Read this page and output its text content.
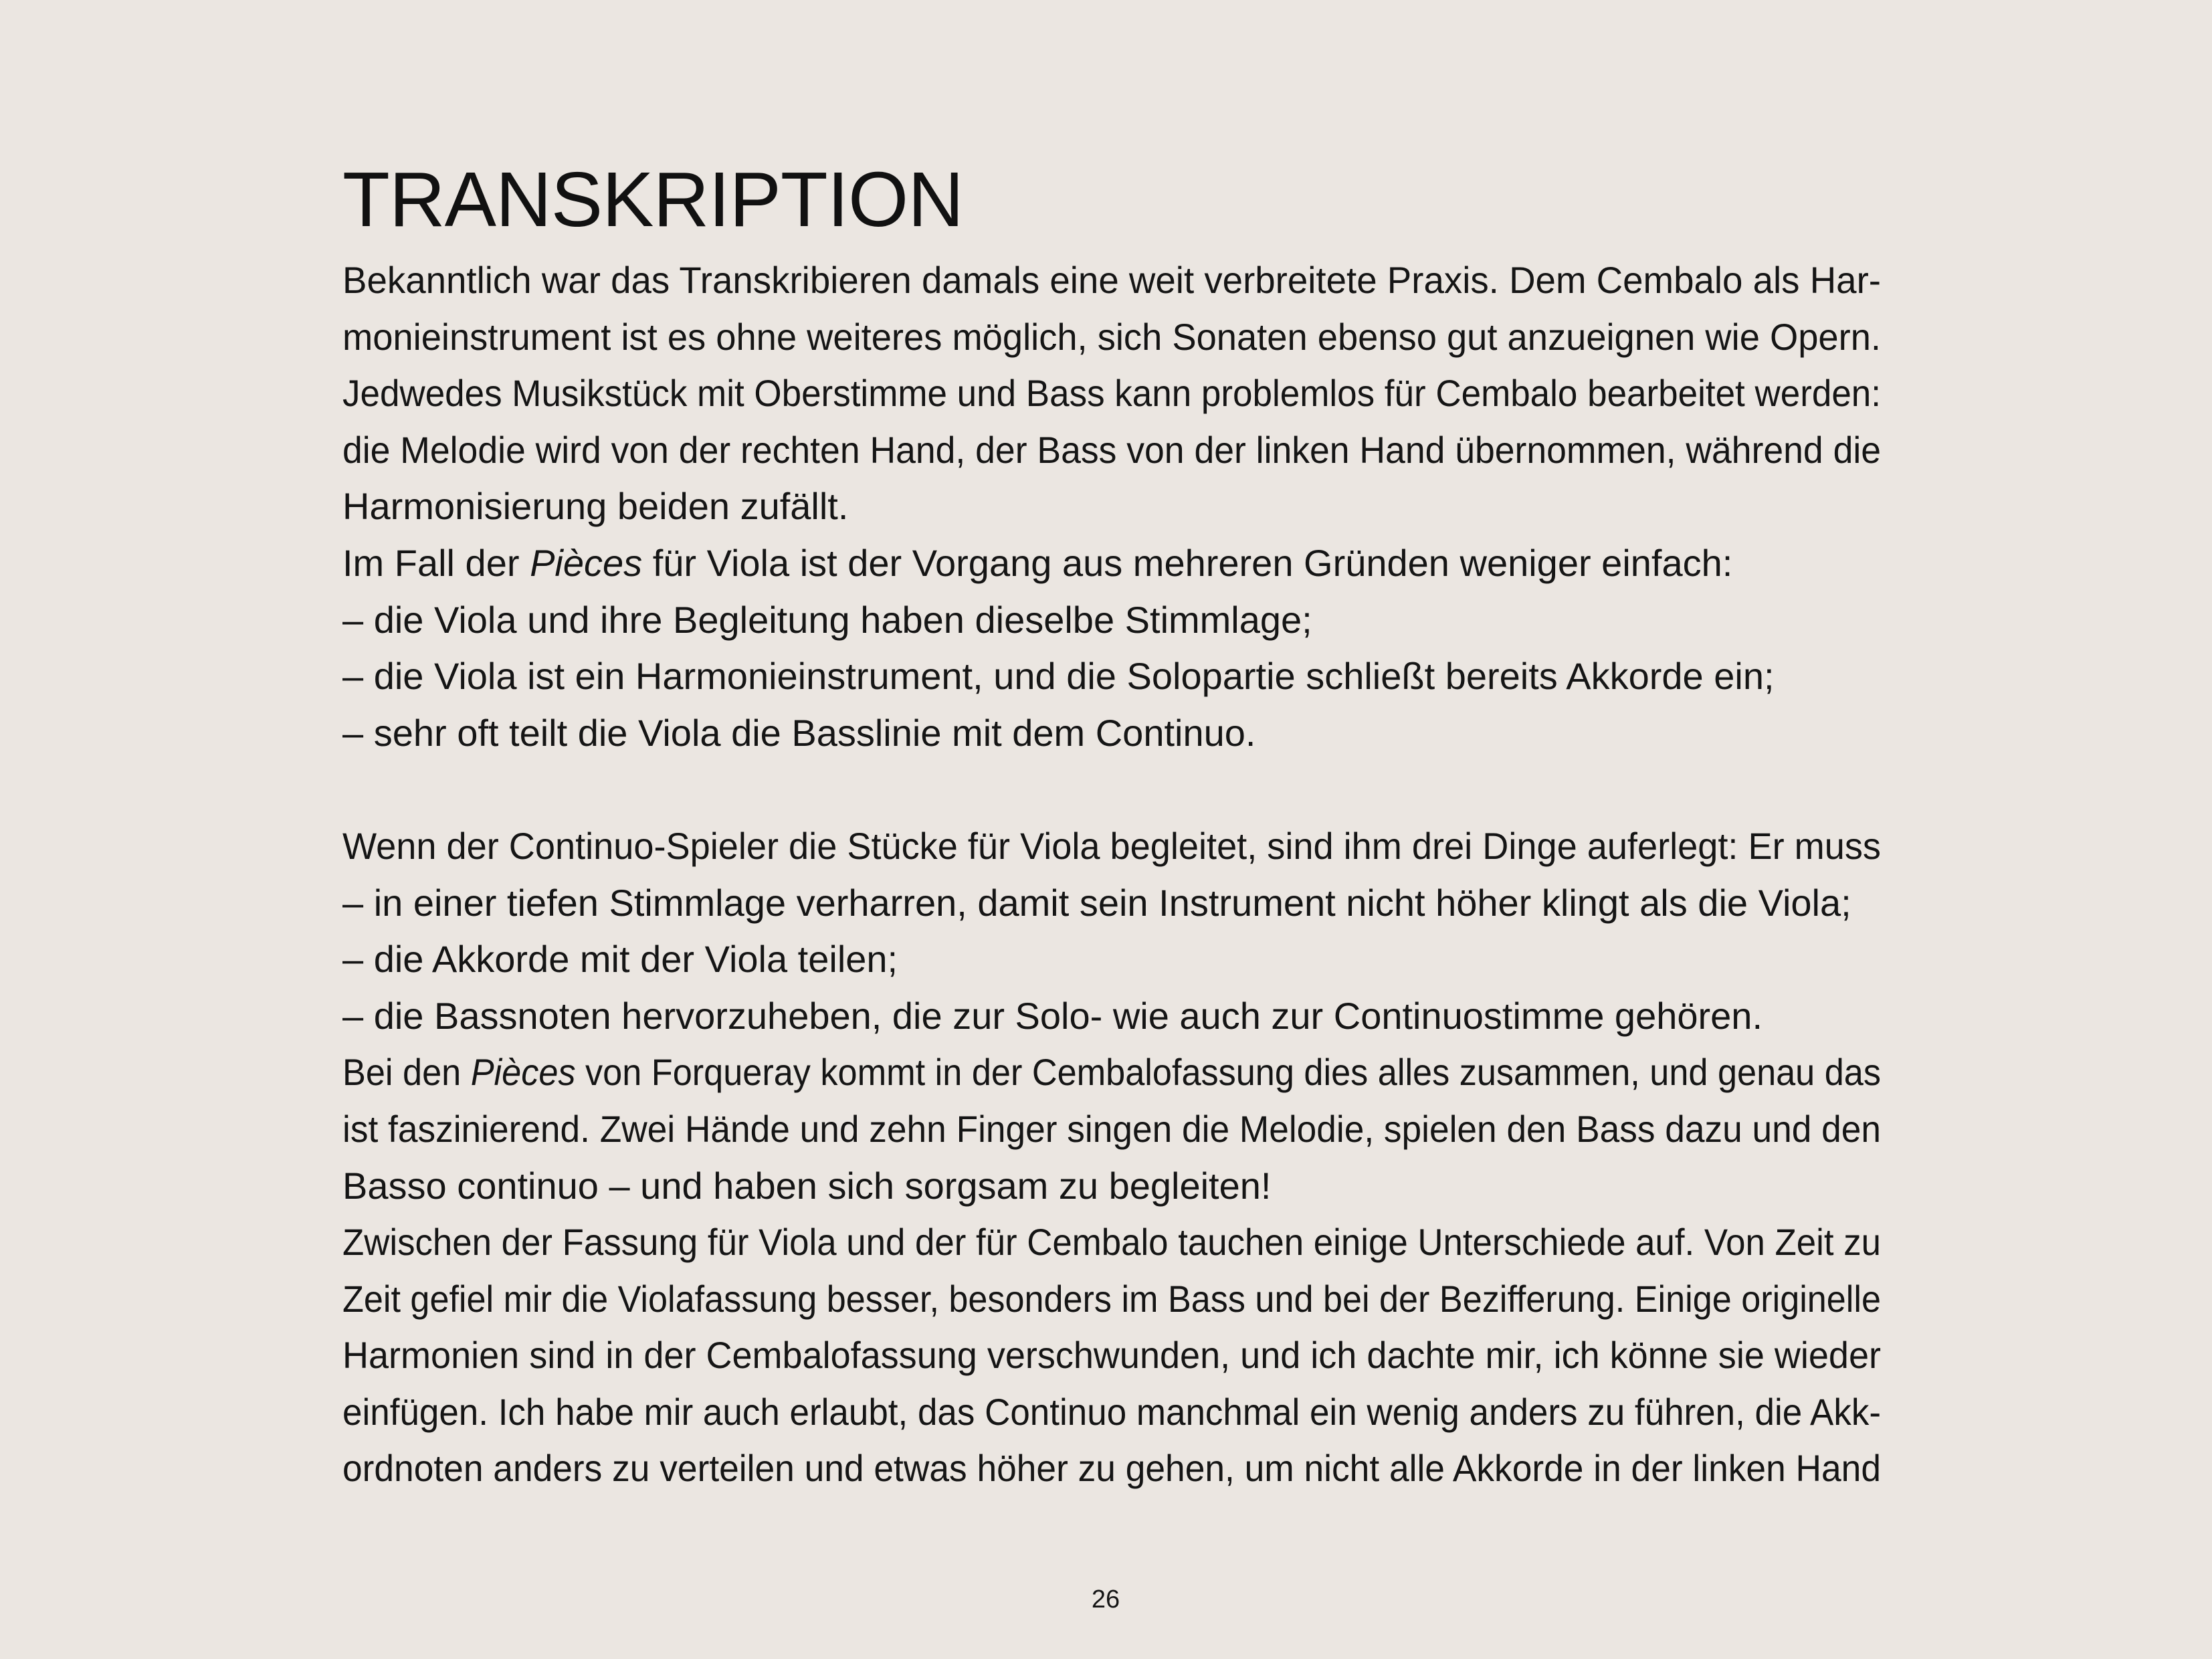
TRANSKRIPTION
Bekanntlich war das Transkribieren damals eine weit verbreitete Praxis. Dem Cembalo als Har-
monieinstrument ist es ohne weiteres möglich, sich Sonaten ebenso gut anzueignen wie Opern.
Jedwedes Musikstück mit Oberstimme und Bass kann problemlos für Cembalo bearbeitet werden:
die Melodie wird von der rechten Hand, der Bass von der linken Hand übernommen, während die
Harmonisierung beiden zufällt.
Im Fall der Pièces für Viola ist der Vorgang aus mehreren Gründen weniger einfach:
– die Viola und ihre Begleitung haben dieselbe Stimmlage;
– die Viola ist ein Harmonieinstrument, und die Solopartie schließt bereits Akkorde ein;
– sehr oft teilt die Viola die Basslinie mit dem Continuo.
Wenn der Continuo-Spieler die Stücke für Viola begleitet, sind ihm drei Dinge auferlegt: Er muss
– in einer tiefen Stimmlage verharren, damit sein Instrument nicht höher klingt als die Viola;
– die Akkorde mit der Viola teilen;
– die Bassnoten hervorzuheben, die zur Solo- wie auch zur Continuostimme gehören.
Bei den Pièces von Forqueray kommt in der Cembalofassung dies alles zusammen, und genau das
ist faszinierend. Zwei Hände und zehn Finger singen die Melodie, spielen den Bass dazu und den
Basso continuo – und haben sich sorgsam zu begleiten!
Zwischen der Fassung für Viola und der für Cembalo tauchen einige Unterschiede auf. Von Zeit zu
Zeit gefiel mir die Violafassung besser, besonders im Bass und bei der Bezifferung. Einige originelle
Harmonien sind in der Cembalofassung verschwunden, und ich dachte mir, ich könne sie wieder
einfügen. Ich habe mir auch erlaubt, das Continuo manchmal ein wenig anders zu führen, die Akk-
ordnoten anders zu verteilen und etwas höher zu gehen, um nicht alle Akkorde in der linken Hand
26
